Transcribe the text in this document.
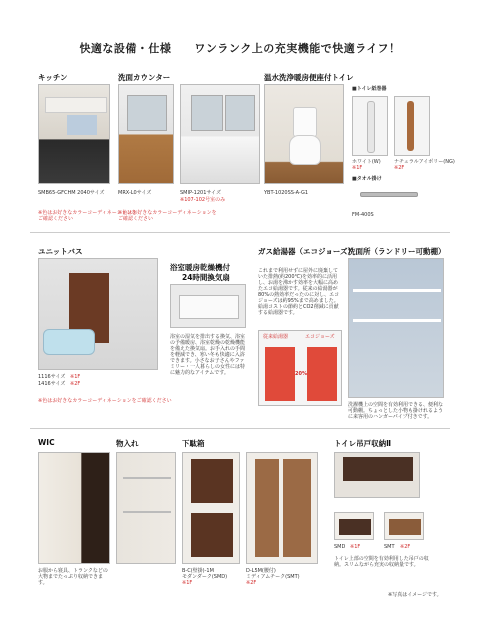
快適な設備・仕様　　ワンランク上の充実機能で快適ライフ！
キッチン
SMB65-GFCHM 2040サイズ
※色はお好きなカラーコーディネーションを
ご確認ください
洗面カウンター
MRX-L0サイズ	SMIP-1201サイズ
※107-102号室のみ
※色はお好きなカラーコーディネーションを
ご確認ください
温水洗浄暖房便座付トイレ
YBT-1020SS-A-G1
■トイレ紙巻器
ホワイト(W)
※1F
ナチュラルアイボリー(NG)
※2F
■タオル掛け
FM-400S
ユニットバス
1116サイズ ※1F
1416サイズ ※2F
※色はお好きなカラーコーディネーションをご確認ください
浴室暖房乾燥機付
24時間換気扇
浴室の湿気を排出する換気、浴室の予備暖房、浴室乾燥の乾燥機能を備えた換気扇。お手入れの手間を軽減でき、寒い冬も快適に入浴できます。小さなお子さんやファミリー・一人暮らしの女性には特に魅力的なアイテムです。
ガス給湯器（エコジョーズ）
これまで利用せずに屋外に廃棄していた排熱(約200℃)を効率的に活用し、お湯を沸かす効率を大幅に高めたエコ給湯器です。従来の給湯器が80%の熱効率だったのに対し、エコジョーズは約95%まで高めました。給湯コストの節約とCO2削減に貢献する給湯器です。
従来給湯器	エコジョーズ
20%
洗面所（ランドリー可動棚）
洗濯機上の空間を有効利用できる、便利な可動棚。ちょっとした小物も掛けれるように来客用のハンガーパイプ付きです。
WIC
お服から寝具、トランクなどの大物までたっぷり収納できます。
物入れ	下駄箱
B-C(壁掛)-1M
モダンダーク(SMD)
※1F
D-L5M(腰付)
ミディアムチーク(SMT)
※2F
トイレ吊戸収納Ⅱ
SMD ※1F	SMT ※2F
トイレ上部の空間を有効利用した吊戸の収納。スリムながら充実の収納量です。
※写真はイメージです。
